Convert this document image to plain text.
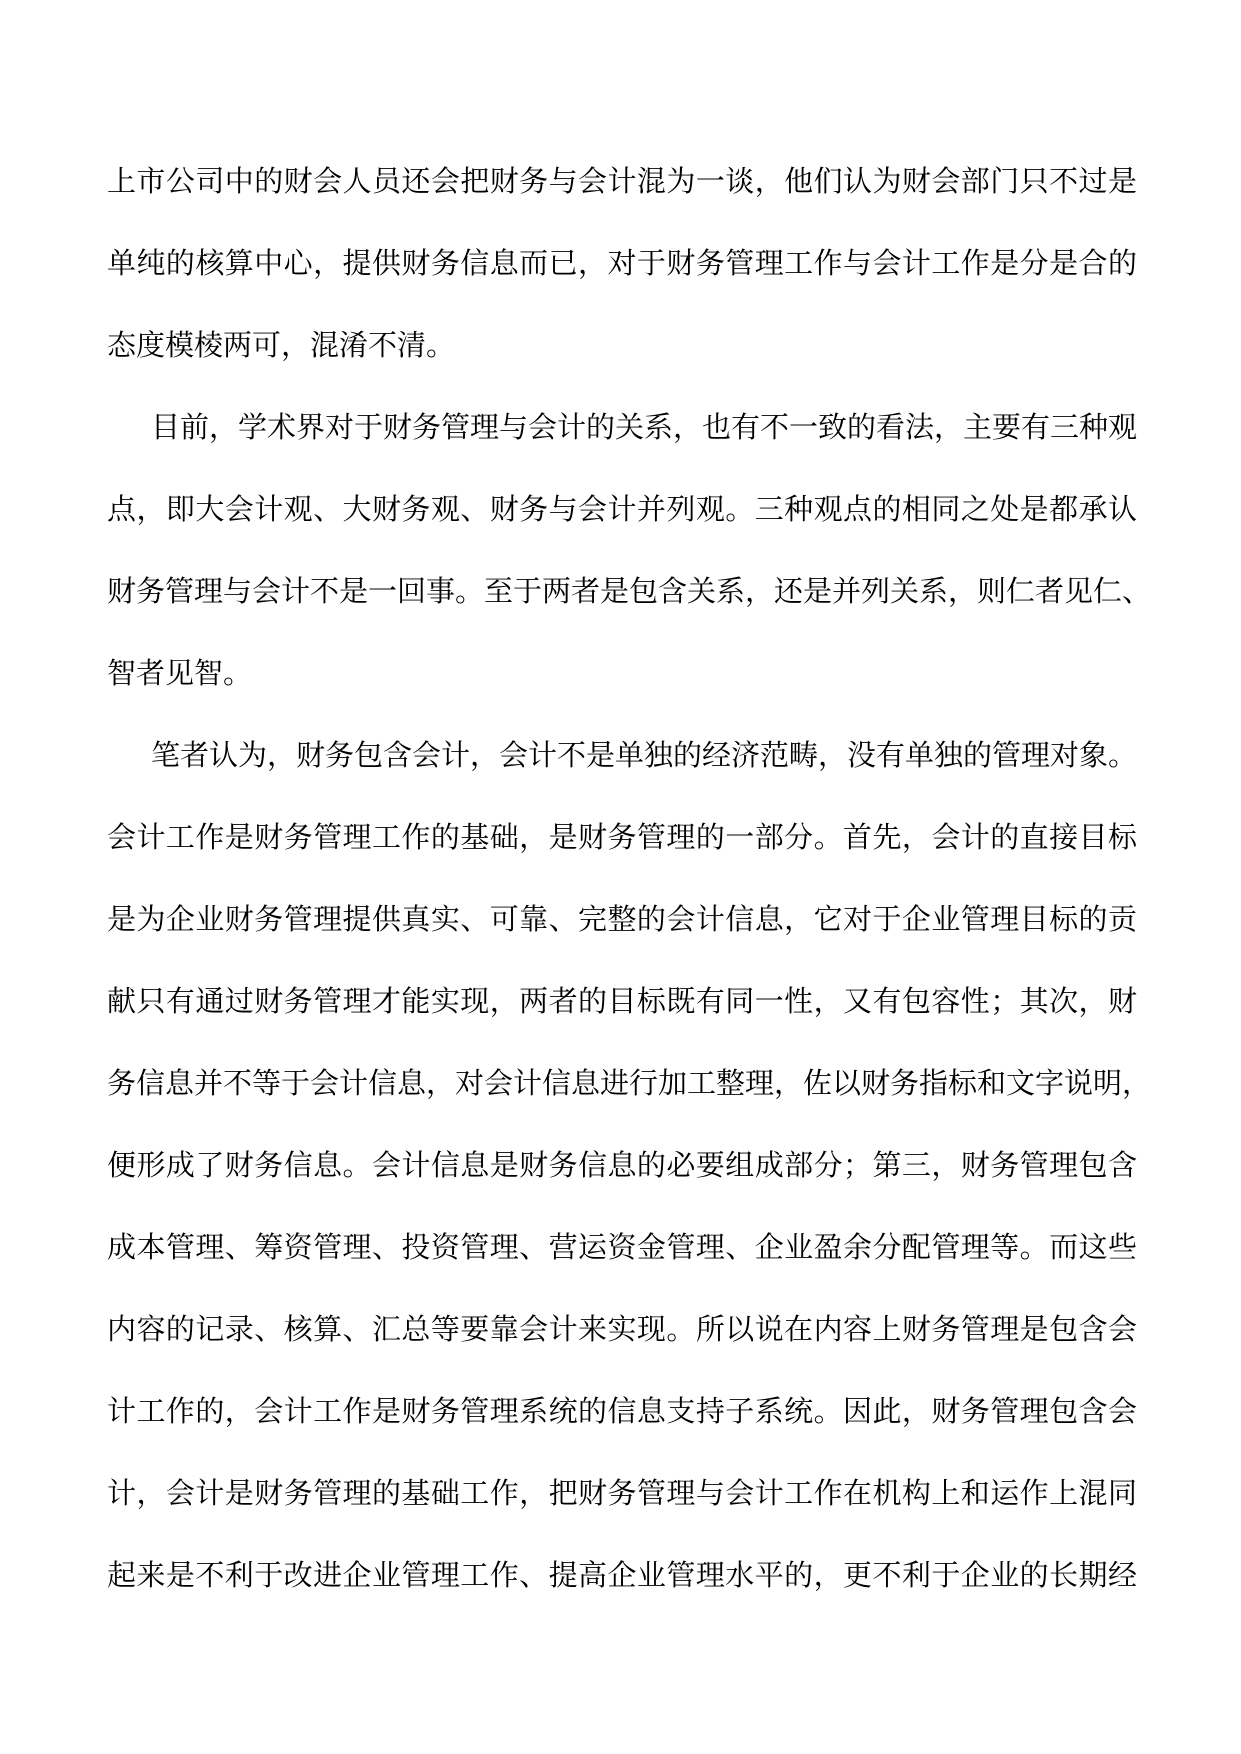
上市公司中的财会人员还会把财务与会计混为一谈，他们认为财会部门只不过是
单纯的核算中心，提供财务信息而已，对于财务管理工作与会计工作是分是合的
态度模棱两可，混淆不清。
目前，学术界对于财务管理与会计的关系，也有不一致的看法，主要有三种观
点，即大会计观、大财务观、财务与会计并列观。三种观点的相同之处是都承认
财务管理与会计不是一回事。至于两者是包含关系，还是并列关系，则仁者见仁、
智者见智。
笔者认为，财务包含会计，会计不是单独的经济范畴，没有单独的管理对象。
会计工作是财务管理工作的基础，是财务管理的一部分。首先，会计的直接目标
是为企业财务管理提供真实、可靠、完整的会计信息，它对于企业管理目标的贡
献只有通过财务管理才能实现，两者的目标既有同一性，又有包容性；其次，财
务信息并不等于会计信息，对会计信息进行加工整理，佐以财务指标和文字说明，
便形成了财务信息。会计信息是财务信息的必要组成部分；第三，财务管理包含
成本管理、筹资管理、投资管理、营运资金管理、企业盈余分配管理等。而这些
内容的记录、核算、汇总等要靠会计来实现。所以说在内容上财务管理是包含会
计工作的，会计工作是财务管理系统的信息支持子系统。因此，财务管理包含会
计，会计是财务管理的基础工作，把财务管理与会计工作在机构上和运作上混同
起来是不利于改进企业管理工作、提高企业管理水平的，更不利于企业的长期经
